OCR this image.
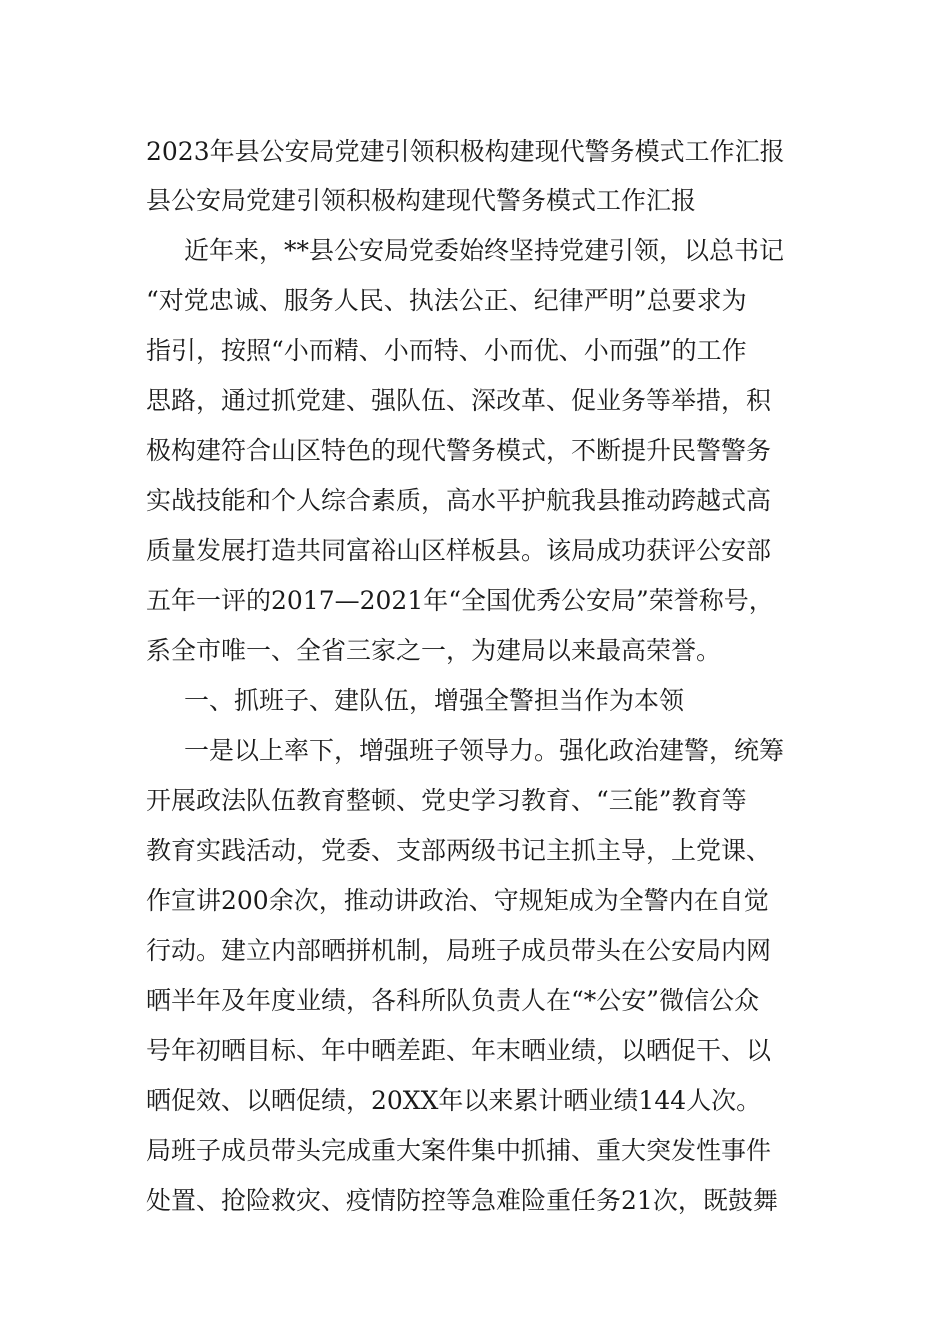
2023年县公安局党建引领积极构建现代警务模式工作汇报
县公安局党建引领积极构建现代警务模式工作汇报
近年来，**县公安局党委始终坚持党建引领，以总书记
“对党忠诚、服务人民、执法公正、纪律严明”总要求为
指引，按照“小而精、小而特、小而优、小而强”的工作
思路，通过抓党建、强队伍、深改革、促业务等举措，积
极构建符合山区特色的现代警务模式，不断提升民警警务
实战技能和个人综合素质，高水平护航我县推动跨越式高
质量发展打造共同富裕山区样板县。该局成功获评公安部
五年一评的2017—2021年“全国优秀公安局”荣誉称号，
系全市唯一、全省三家之一，为建局以来最高荣誉。
一、抓班子、建队伍，增强全警担当作为本领
一是以上率下，增强班子领导力。强化政治建警，统筹
开展政法队伍教育整顿、党史学习教育、“三能”教育等
教育实践活动，党委、支部两级书记主抓主导，上党课、
作宣讲200余次，推动讲政治、守规矩成为全警内在自觉
行动。建立内部晒拼机制，局班子成员带头在公安局内网
晒半年及年度业绩，各科所队负责人在“*公安”微信公众
号年初晒目标、年中晒差距、年末晒业绩，以晒促干、以
晒促效、以晒促绩，20XX年以来累计晒业绩144人次。
局班子成员带头完成重大案件集中抓捕、重大突发性事件
处置、抢险救灾、疫情防控等急难险重任务21次，既鼓舞
